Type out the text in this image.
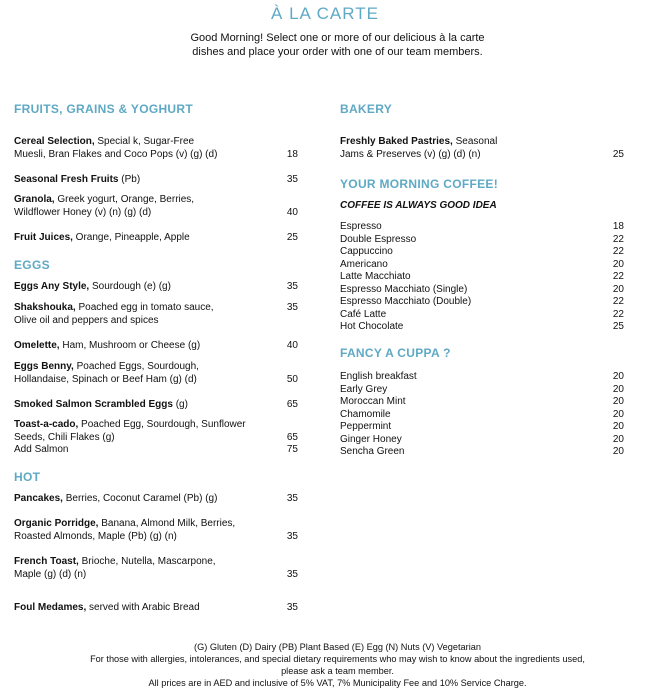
À LA CARTE
Good Morning! Select one or more of our delicious à la carte
dishes and place your order with one of our team members.
FRUITS, GRAINS & YOGHURT
Cereal Selection, Special k, Sugar-Free
Muesli, Bran Flakes and Coco Pops (v) (g) (d)	18
Seasonal Fresh Fruits (Pb)	35
Granola, Greek yogurt, Orange, Berries,
Wildflower Honey (v) (n) (g) (d)	40
Fruit Juices, Orange, Pineapple, Apple	25
EGGS
Eggs Any Style, Sourdough (e) (g)	35
Shakshouka, Poached egg in tomato sauce,
Olive oil and peppers and spices
35
Omelette, Ham, Mushroom or Cheese (g)	40
Eggs Benny, Poached Eggs, Sourdough,
Hollandaise, Spinach or Beef Ham (g) (d)	50
Smoked Salmon Scrambled Eggs (g)	65
Toast-a-cado, Poached Egg, Sourdough, Sunflower
Seeds, Chili Flakes (g)	65
Add Salmon	75
HOT
Pancakes, Berries, Coconut Caramel (Pb) (g)	35
Organic Porridge, Banana, Almond Milk, Berries,
Roasted Almonds, Maple (Pb) (g) (n)	35
French Toast, Brioche, Nutella, Mascarpone,
Maple (g) (d) (n)	35
Foul Medames, served with Arabic Bread	35
BAKERY
Freshly Baked Pastries, Seasonal
Jams & Preserves (v) (g) (d) (n)	25
YOUR MORNING COFFEE!
COFFEE IS ALWAYS GOOD IDEA
Espresso	18
Double Espresso	22
Cappuccino	22
Americano	20
Latte Macchiato	22
Espresso Macchiato (Single)	20
Espresso Macchiato (Double)	22
Café Latte	22
Hot Chocolate	25
FANCY A CUPPA ?
English breakfast	20
Early Grey	20
Moroccan Mint	20
Chamomile	20
Peppermint	20
Ginger Honey	20
Sencha Green	20
(G) Gluten (D) Dairy (PB) Plant Based (E) Egg (N) Nuts (V) Vegetarian
For those with allergies, intolerances, and special dietary requirements who may wish to know about the ingredients used,
please ask a team member.
All prices are in AED and inclusive of 5% VAT, 7% Municipality Fee and 10% Service Charge.
